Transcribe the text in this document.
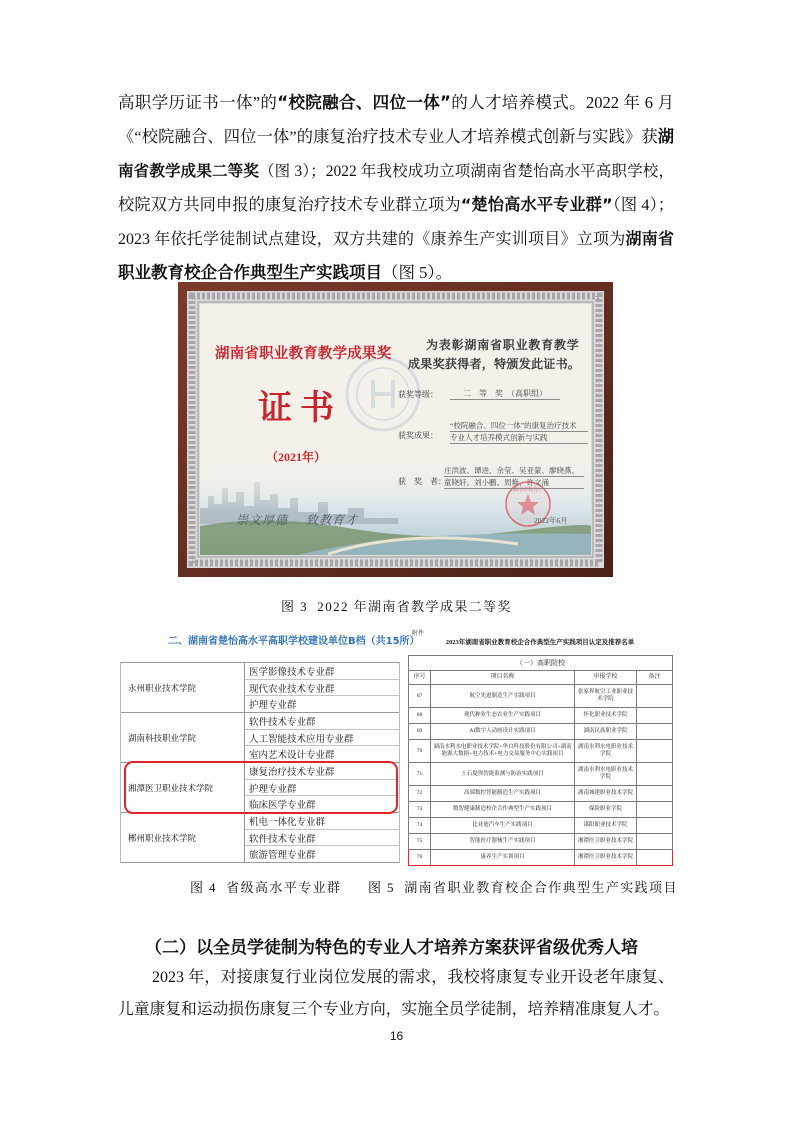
高职学历证书一体”的“校院融合、四位一体”的人才培养模式。2022 年 6 月
《“校院融合、四位一体”的康复治疗技术专业人才培养模式创新与实践》获湖
南省教学成果二等奖（图 3）；2022 年我校成功立项湖南省楚怡高水平高职学校，
校院双方共同申报的康复治疗技术专业群立项为“楚怡高水平专业群”（图 4）；
2023 年依托学徒制试点建设，双方共建的《康养生产实训项目》立项为湖南省
职业教育校企合作典型生产实践项目（图 5）。
湖南省教育厅
湖南省职业教育教学成果奖
证书
（2021年）
为表彰湖南省职业教育教学
成果奖获得者，特颁发此证书。
获奖等级：	二　等　奖　（高职组）
获奖成果：
“校院融合、四位一体”的康复治疗技术
专业人才培养模式创新与实践
获　奖　者：
庄洪波、谭进、余莹、吴亚蒙、廖晓燕、
童晓轩、刘小鹏、周艳、许文涌
2022年6月
崇文厚德 致教育才
图 3  2022 年湖南省教学成果二等奖
二、湖南省楚怡高水平高职学校建设单位B档（共15所）
永州职业技术学院
医学影像技术专业群
现代农业技术专业群
护理专业群
湖南科技职业学院
软件技术专业群
人工智能技术应用专业群
室内艺术设计专业群
湘潭医卫职业技术学院
康复治疗技术专业群
护理专业群
临床医学专业群
郴州职业技术学院
机电一体化专业群
软件技术专业群
旅游管理专业群
附件
2023年湖南省职业教育校企合作典型生产实践项目认定及推荐名单
（一）高职院校			
序号	项目名称	申报学校	备注
67	航空先进制造生产实践项目	张家界航空工业职业技术学院	
68	现代种业生态农业生产实践项目	怀化职业技术学院	
69	AI数字人动画设计实践项目	湖南民族职业学院	
70	湖南水利水电职业技术学院+华自科技股份有限公司+湖南能源大数据+电力技术+电力交易服务中心实践项目	湖南水利水电职业技术学院	
71	土石堤坝智能监测与防治实践项目	湖南水利水电职业技术学院	
72	高端数控智能制造生产实践项目	湖南城建职业技术学院	
73	数智健康制造校企合作典型生产实践项目	保险职业学院	
74	比亚迪汽车生产实践项目	邵阳职业技术学院	
75	智能医疗器械生产实践项目	湘潭医卫职业技术学院	
76	康养生产实训项目	湘潭医卫职业技术学院	
图 4  省级高水平专业群 图 5  湖南省职业教育校企合作典型生产实践项目
（二）以全员学徒制为特色的专业人才培养方案获评省级优秀人培
2023 年，对接康复行业岗位发展的需求，我校将康复专业开设老年康复、
儿童康复和运动损伤康复三个专业方向，实施全员学徒制，培养精准康复人才。
16
